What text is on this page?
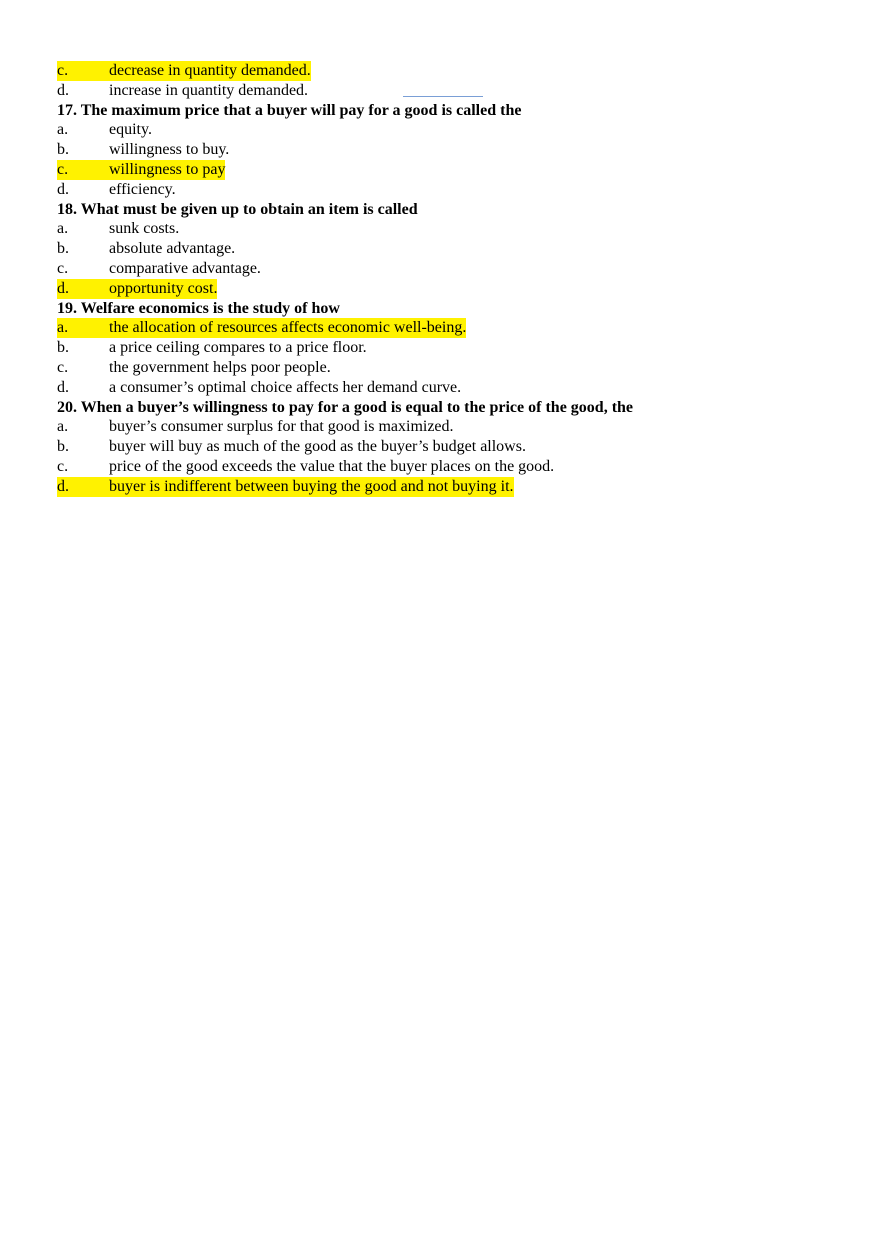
c.	decrease in quantity demanded.
d.	increase in quantity demanded.
17. The maximum price that a buyer will pay for a good is called the
a.	equity.
b.	willingness to buy.
c.	willingness to pay
d.	efficiency.
18. What must be given up to obtain an item is called
a.	sunk costs.
b.	absolute advantage.
c.	comparative advantage.
d.	opportunity cost.
19. Welfare economics is the study of how
a.	the allocation of resources affects economic well-being.
b.	a price ceiling compares to a price floor.
c.	the government helps poor people.
d.	a consumer’s optimal choice affects her demand curve.
20. When a buyer’s willingness to pay for a good is equal to the price of the good, the
a.	buyer’s consumer surplus for that good is maximized.
b.	buyer will buy as much of the good as the buyer’s budget allows.
c.	price of the good exceeds the value that the buyer places on the good.
d.	buyer is indifferent between buying the good and not buying it.
